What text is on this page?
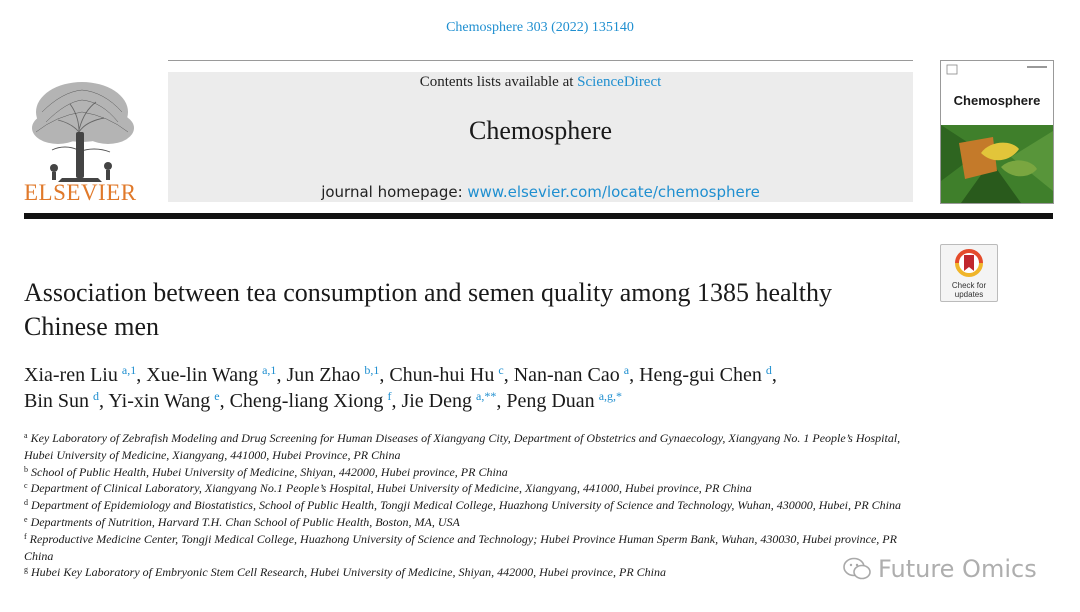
Chemosphere 303 (2022) 135140
ELSEVIER
Contents lists available at ScienceDirect
Chemosphere
journal homepage: www.elsevier.com/locate/chemosphere
Chemosphere
Check for
updates
Association between tea consumption and semen quality among 1385 healthy Chinese men
Xia-ren Liu  $^{a,1}$, Xue-lin Wang  $^{a,1}$, Jun Zhao  $^{b,1}$, Chun-hui Hu  $^c$, Nan-nan Cao  $^a$, Heng-gui Chen  $^d$,
Bin Sun  $^d$, Yi-xin Wang  $^e$, Cheng-liang Xiong  $^f$, Jie Deng  $^{a,**}$, Peng Duan  $^{a,g,*}$

$^a$ Key Laboratory of Zebrafish Modeling and Drug Screening for Human Diseases of Xiangyang City, Department of Obstetrics and Gynaecology, Xiangyang No. 1 People’s Hospital, Hubei University of Medicine, Xiangyang, 441000, Hubei Province, PR China

$^b$ School of Public Health, Hubei University of Medicine, Shiyan, 442000, Hubei province, PR China

$^c$ Department of Clinical Laboratory, Xiangyang No.1 People’s Hospital, Hubei University of Medicine, Xiangyang, 441000, Hubei province, PR China

$^d$ Department of Epidemiology and Biostatistics, School of Public Health, Tongji Medical College, Huazhong University of Science and Technology, Wuhan, 430000, Hubei, PR China

$^e$ Departments of Nutrition, Harvard T.H. Chan School of Public Health, Boston, MA, USA

$^f$ Reproductive Medicine Center, Tongji Medical College, Huazhong University of Science and Technology; Hubei Province Human Sperm Bank, Wuhan, 430030, Hubei province, PR China

$^g$ Hubei Key Laboratory of Embryonic Stem Cell Research, Hubei University of Medicine, Shiyan, 442000, Hubei province, PR China	Future Omics
